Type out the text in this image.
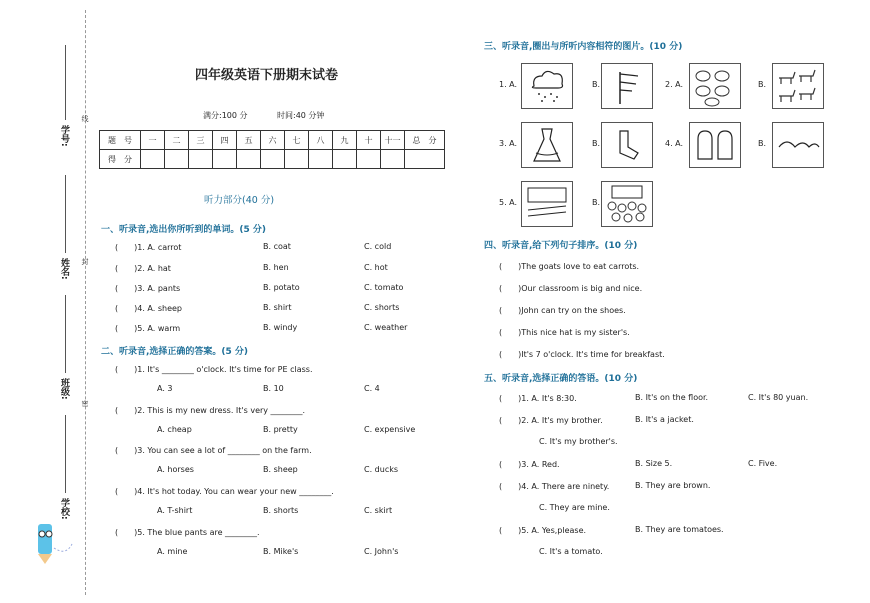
线
封
密
学号:
姓名:
班级:
学校:
四年级英语下册期末试卷
满分:100 分	时间:40 分钟
题　号	一	二	三	四	五	六	七	八	九	十	十一	总　分
得　分												
听力部分(40 分)
一、听录音,选出你所听到的单词。(5 分)
(　　)1. A. carrot	B. coat	C. cold
(　　)2. A. hat	B. hen	C. hot
(　　)3. A. pants	B. potato	C. tomato
(　　)4. A. sheep	B. shirt	C. shorts
(　　)5. A. warm	B. windy	C. weather
二、听录音,选择正确的答案。(5 分)
(　　)1. It's ________ o'clock. It's time for PE class.
A. 3	B. 10	C. 4
(　　)2. This is my new dress. It's very ________.
A. cheap	B. pretty	C. expensive
(　　)3. You can see a lot of ________ on the farm.
A. horses	B. sheep	C. ducks
(　　)4. It's hot today. You can wear your new ________.
A. T-shirt	B. shorts	C. skirt
(　　)5. The blue pants are ________.
A. mine	B. Mike's	C. John's
三、听录音,圈出与所听内容相符的图片。(10 分)
1. A.	B.	2. A.	B.
3. A.	B.	4. A.	B.
5. A.	B.
四、听录音,给下列句子排序。(10 分)
(　　)The goats love to eat carrots.
(　　)Our classroom is big and nice.
(　　)John can try on the shoes.
(　　)This nice hat is my sister's.
(　　)It's 7 o'clock. It's time for breakfast.
五、听录音,选择正确的答语。(10 分)
(　　)1. A. It's 8:30.	B. It's on the floor.	C. It's 80 yuan.
(　　)2. A. It's my brother.	B. It's a jacket.
C. It's my brother's.
(　　)3. A. Red.	B. Size 5.	C. Five.
(　　)4. A. There are ninety.	B. They are brown.
C. They are mine.
(　　)5. A. Yes,please.	B. They are tomatoes.
C. It's a tomato.
